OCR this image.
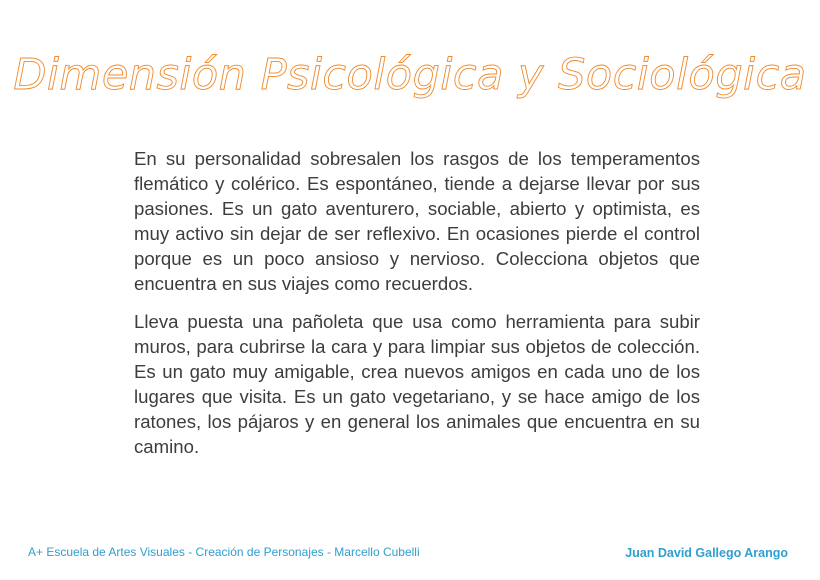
Dimensión Psicológica y Sociológica

En su personalidad sobresalen los rasgos de los temperamentos flemático y colérico. Es espontáneo, tiende a dejarse llevar por sus pasiones. Es un gato aventurero, sociable, abierto y optimista, es muy activo sin dejar de ser reflexivo. En ocasiones pierde el control porque es un poco ansioso y nervioso. Colecciona objetos que encuentra en sus viajes como recuerdos.

Lleva puesta una pañoleta que usa como herramienta para subir muros, para cubrirse la cara y para limpiar sus objetos de colección. Es un gato muy amigable, crea nuevos amigos en cada uno de los lugares que visita. Es un gato vegetariano, y se hace amigo de los ratones, los pájaros y en general los animales que encuentra en su camino.

A+ Escuela de Artes Visuales - Creación de Personajes - Marcello Cubelli	Juan David Gallego Arango
